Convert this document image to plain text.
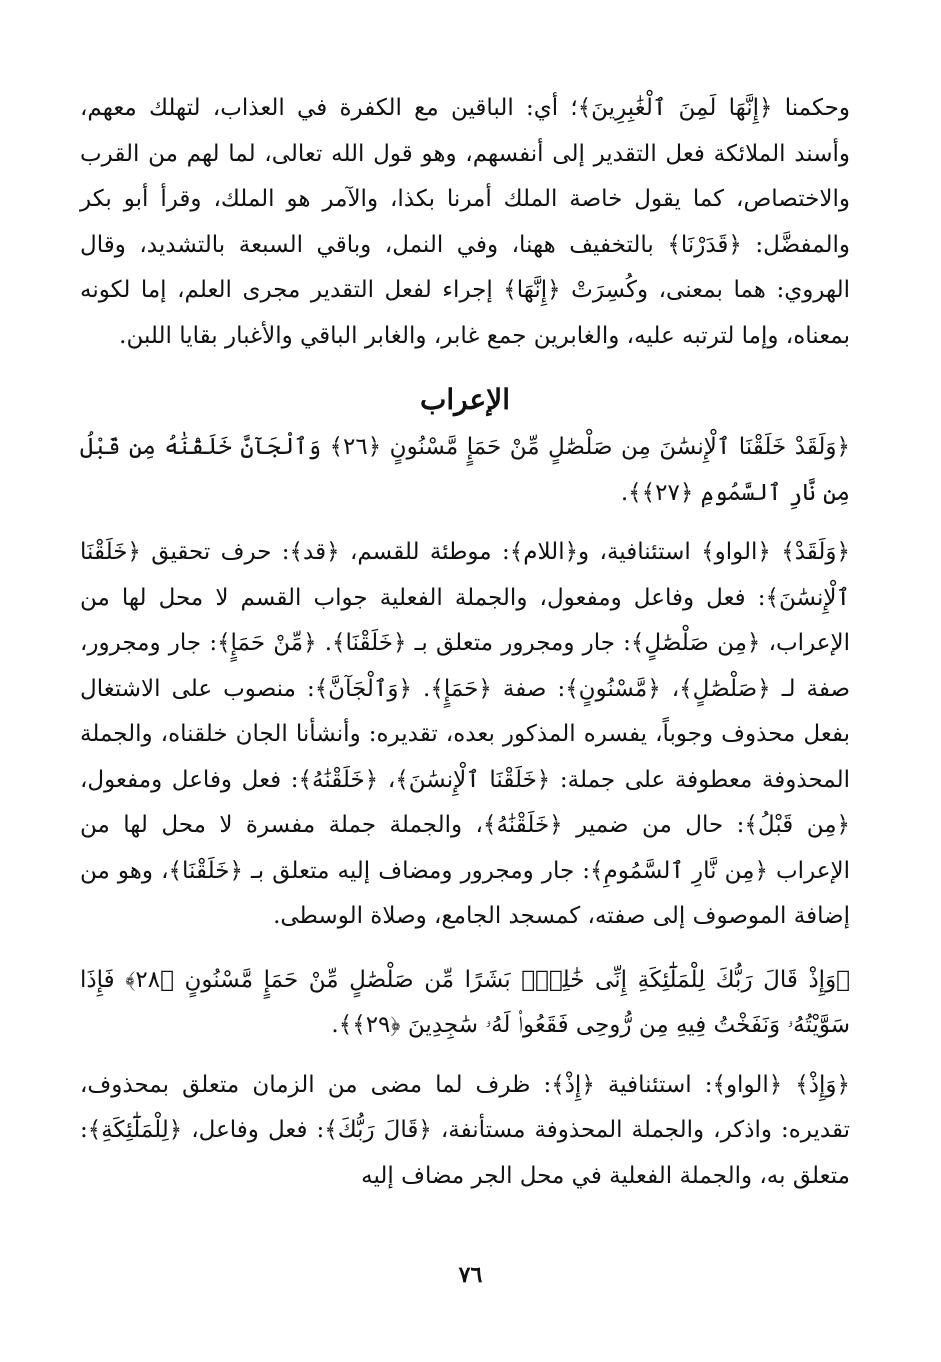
وحكمنا ﴿إِنَّهَا لَمِنَ ٱلْغَٰبِرِينَ﴾؛ أي: الباقين مع الكفرة في العذاب، لتهلك معهم، وأسند الملائكة فعل التقدير إلى أنفسهم، وهو قول الله تعالى، لما لهم من القرب والاختصاص، كما يقول خاصة الملك أمرنا بكذا، والآمر هو الملك، وقرأ أبو بكر والمفضَّل: ﴿قَدَرْنَا﴾ بالتخفيف ههنا، وفي النمل، وباقي السبعة بالتشديد، وقال الهروي: هما بمعنى، وكُسِرَتْ ﴿إِنَّهَا﴾ إجراء لفعل التقدير مجرى العلم، إما لكونه بمعناه، وإما لترتبه عليه، والغابرين جمع غابر، والغابر الباقي والأغبار بقايا اللبن.

الإعراب

﴿وَلَقَدْ خَلَقْنَا ٱلْإِنسَٰنَ مِن صَلْصَٰلٍ مِّنْ حَمَإٍ مَّسْنُونٍ ﴿٢٦﴾ وَٱلْجَآنَّ خَلَقْنَٰهُ مِن قَبْلُ مِن نَّارِ ٱلسَّمُومِ ﴿٢٧﴾﴾.

﴿وَلَقَدْ﴾ ﴿الواو﴾ استئنافية، و﴿اللام﴾: موطئة للقسم، ﴿قد﴾: حرف تحقيق ﴿خَلَقْنَا ٱلْإِنسَٰنَ﴾: فعل وفاعل ومفعول، والجملة الفعلية جواب القسم لا محل لها من الإعراب، ﴿مِن صَلْصَٰلٍ﴾: جار ومجرور متعلق بـ ﴿خَلَقْنَا﴾. ﴿مِّنْ حَمَإٍ﴾: جار ومجرور، صفة لـ ﴿صَلْصَٰلٍ﴾، ﴿مَّسْنُونٍ﴾: صفة ﴿حَمَإٍ﴾. ﴿وَٱلْجَآنَّ﴾: منصوب على الاشتغال بفعل محذوف وجوباً، يفسره المذكور بعده، تقديره: وأنشأنا الجان خلقناه، والجملة المحذوفة معطوفة على جملة: ﴿خَلَقْنَا ٱلْإِنسَٰنَ﴾، ﴿خَلَقْنَٰهُ﴾: فعل وفاعل ومفعول، ﴿مِن قَبْلُ﴾: حال من ضمير ﴿خَلَقْنَٰهُ﴾، والجملة جملة مفسرة لا محل لها من الإعراب ﴿مِن نَّارِ ٱلسَّمُومِ﴾: جار ومجرور ومضاف إليه متعلق بـ ﴿خَلَقْنَا﴾، وهو من إضافة الموصوف إلى صفته، كمسجد الجامع، وصلاة الوسطى.

﴿وَإِذْ قَالَ رَبُّكَ لِلْمَلَٰٓئِكَةِ إِنِّى خَٰلِقٌۢ بَشَرًا مِّن صَلْصَٰلٍ مِّنْ حَمَإٍ مَّسْنُونٍ ﴿٢٨﴾ فَإِذَا سَوَّيْتُهُۥ وَنَفَخْتُ فِيهِ مِن رُّوحِى فَقَعُوا۟ لَهُۥ سَٰجِدِينَ ﴿٢٩﴾﴾.

﴿وَإِذْ﴾ ﴿الواو﴾: استئنافية ﴿إِذْ﴾: ظرف لما مضى من الزمان متعلق بمحذوف، تقديره: واذكر، والجملة المحذوفة مستأنفة، ﴿قَالَ رَبُّكَ﴾: فعل وفاعل، ﴿لِلْمَلَٰٓئِكَةِ﴾: متعلق به، والجملة الفعلية في محل الجر مضاف إليه

٧٦
